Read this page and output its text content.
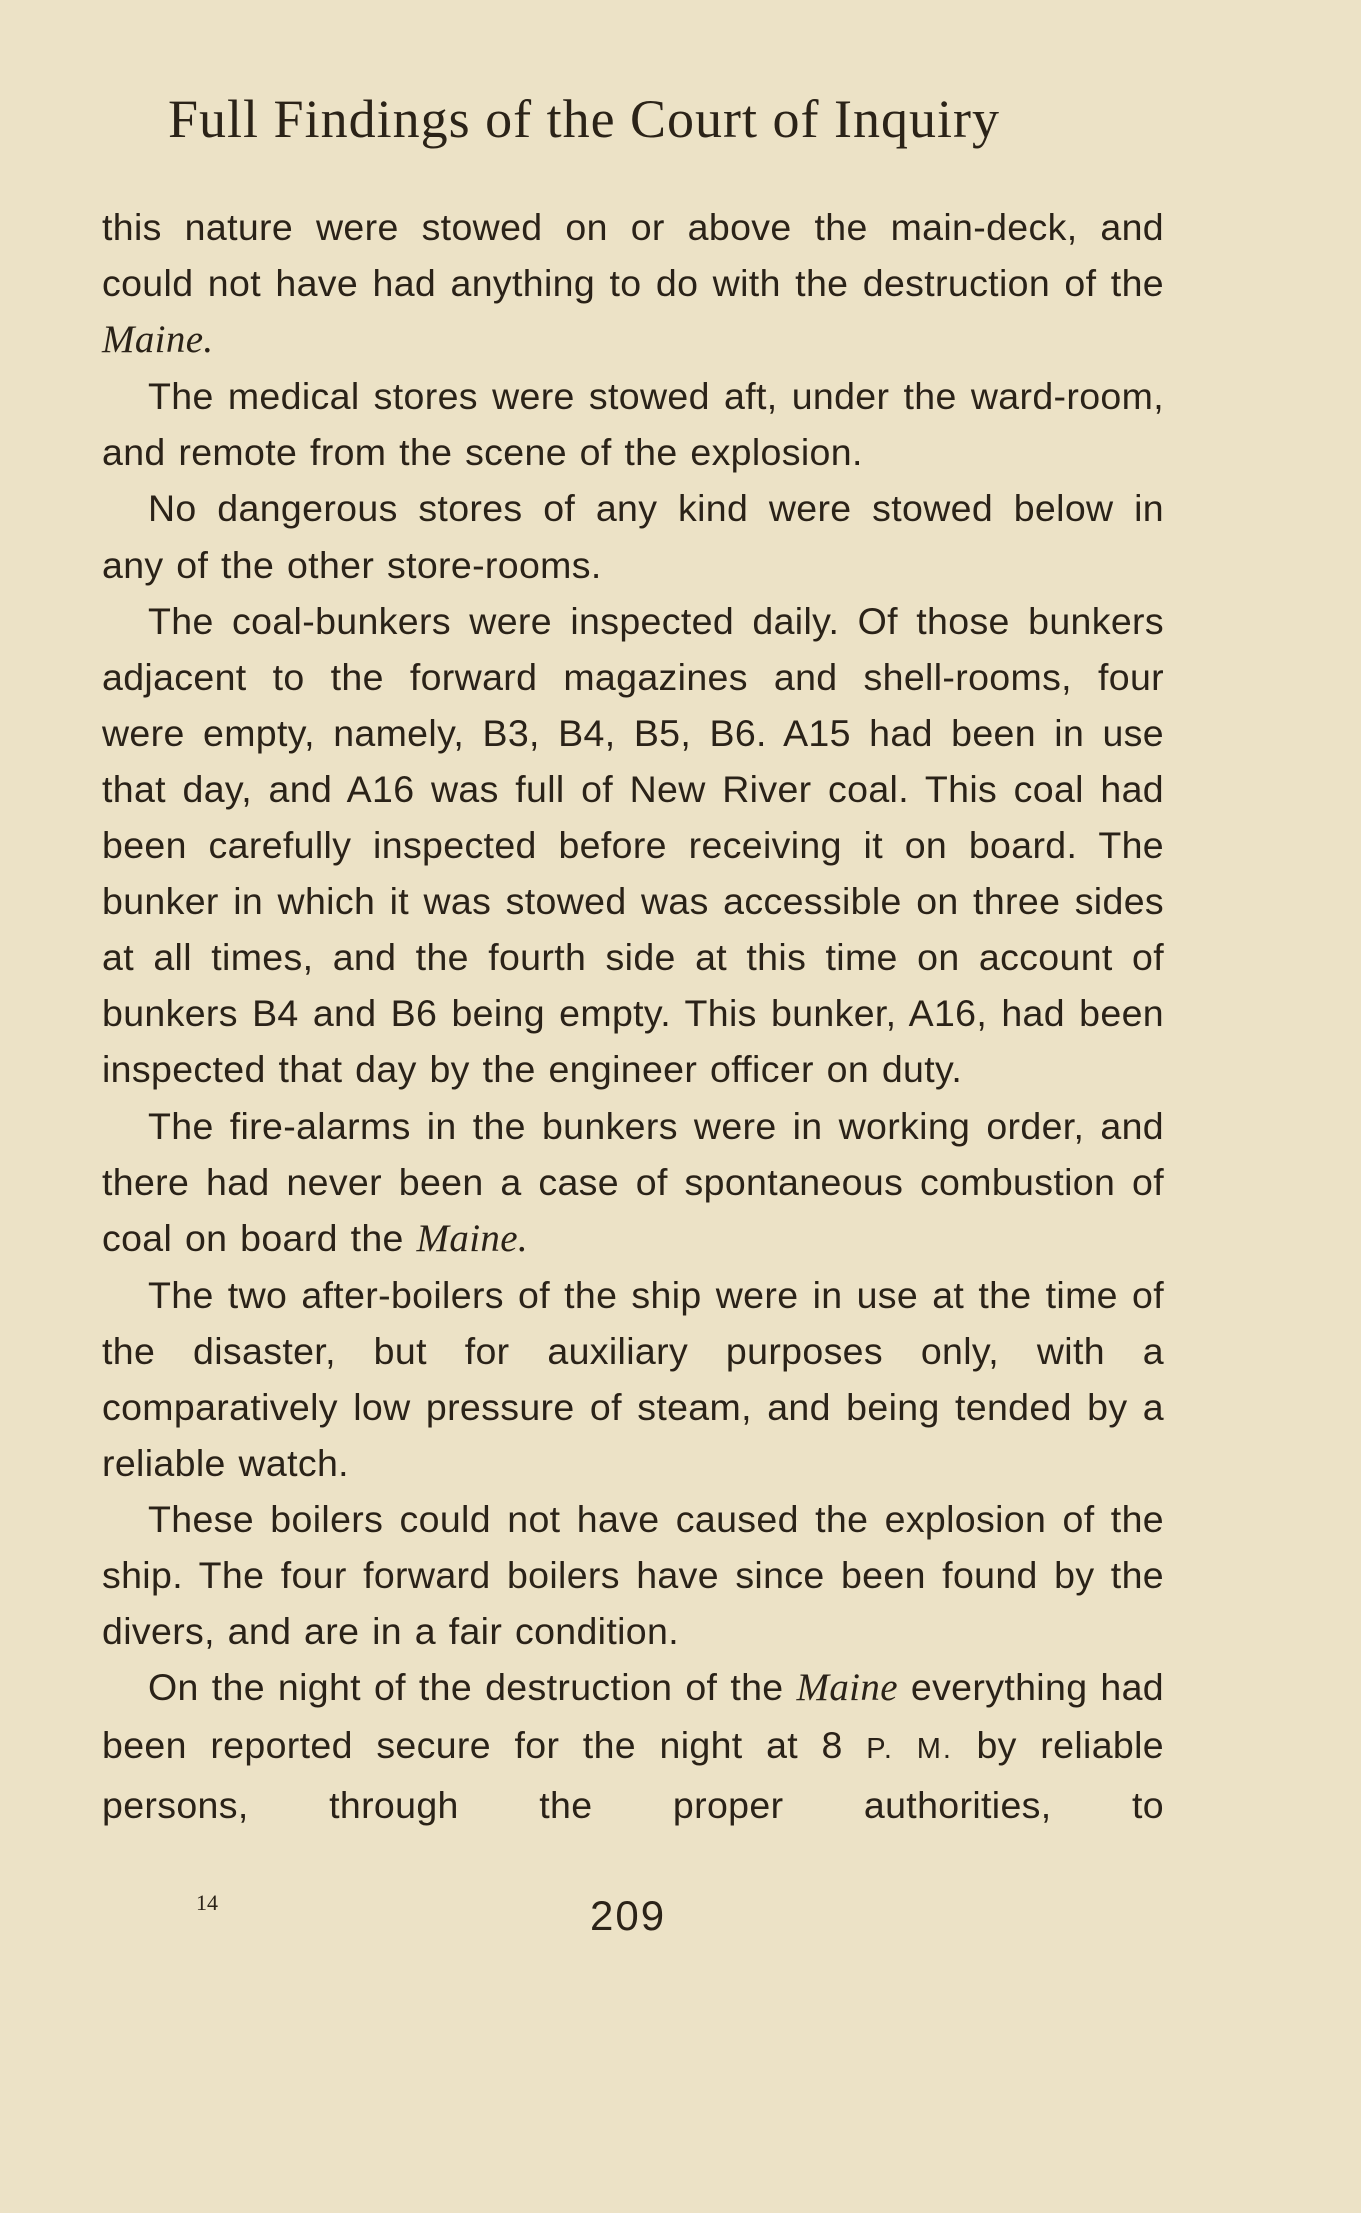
Full Findings of the Court of Inquiry

this nature were stowed on or above the main-deck, and could not have had anything to do with the destruction of the Maine.

The medical stores were stowed aft, under the ward-room, and remote from the scene of the explosion.

No dangerous stores of any kind were stowed below in any of the other store-rooms.

The coal-bunkers were inspected daily. Of those bunkers adjacent to the forward magazines and shell-rooms, four were empty, namely, B3, B4, B5, B6. A15 had been in use that day, and A16 was full of New River coal. This coal had been carefully inspected before receiving it on board. The bunker in which it was stowed was accessible on three sides at all times, and the fourth side at this time on account of bunkers B4 and B6 being empty. This bunker, A16, had been inspected that day by the engineer officer on duty.

The fire-alarms in the bunkers were in working order, and there had never been a case of spontaneous combustion of coal on board the Maine.

The two after-boilers of the ship were in use at the time of the disaster, but for auxiliary purposes only, with a comparatively low pressure of steam, and being tended by a reliable watch.

These boilers could not have caused the explosion of the ship. The four forward boilers have since been found by the divers, and are in a fair condition.

On the night of the destruction of the Maine everything had been reported secure for the night at 8 P. M. by reliable persons, through the proper authorities, to

14	209
